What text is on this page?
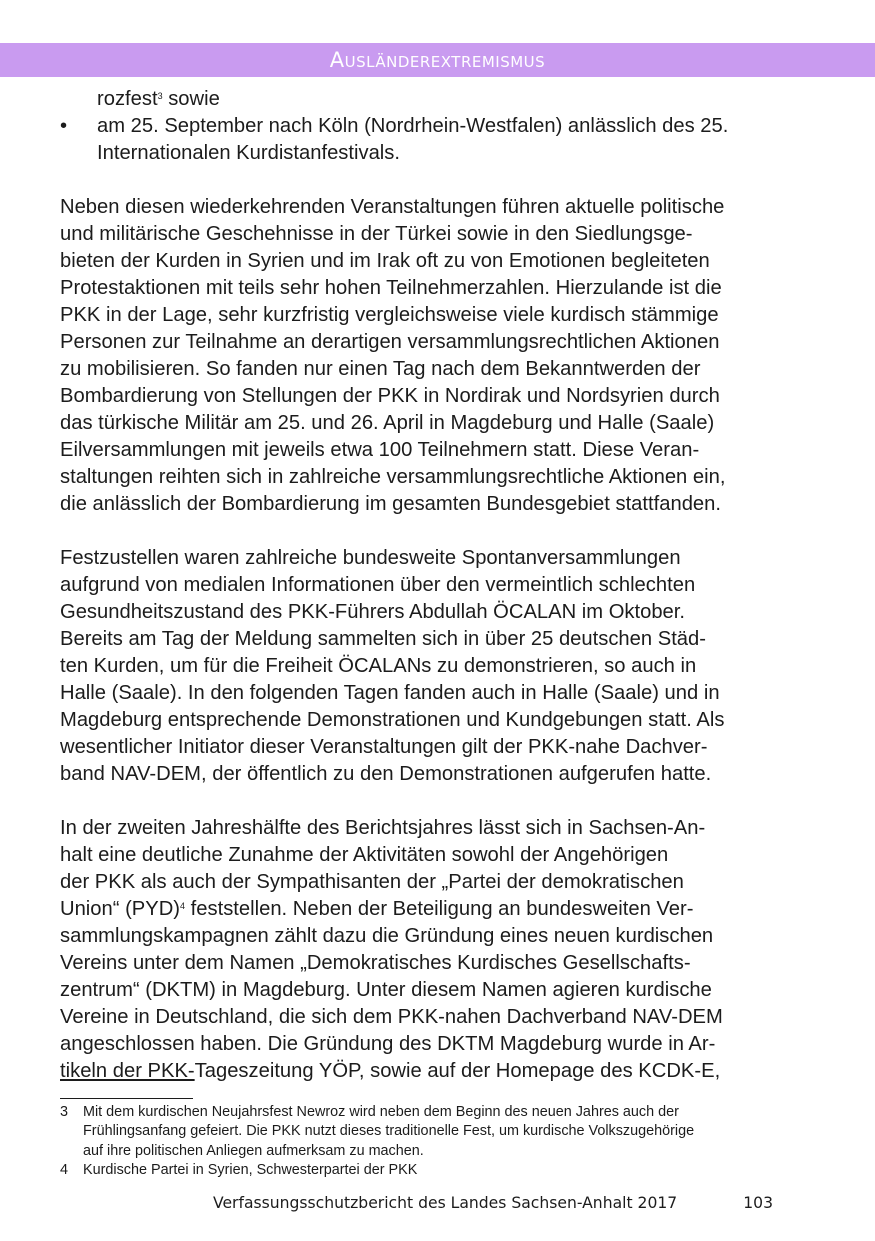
Ausländerextremismus
rozfest$^3$ sowie
•	am 25. September nach Köln (Nordrhein-Westfalen) anlässlich des 25.
Internationalen Kurdistanfestivals.

Neben diesen wiederkehrenden Veranstaltungen führen aktuelle politische
und militärische Geschehnisse in der Türkei sowie in den Siedlungsge-
bieten der Kurden in Syrien und im Irak oft zu von Emotionen begleiteten
Protestaktionen mit teils sehr hohen Teilnehmerzahlen. Hierzulande ist die
PKK in der Lage, sehr kurzfristig vergleichsweise viele kurdisch stämmige
Personen zur Teilnahme an derartigen versammlungsrechtlichen Aktionen
zu mobilisieren. So fanden nur einen Tag nach dem Bekanntwerden der
Bombardierung von Stellungen der PKK in Nordirak und Nordsyrien durch
das türkische Militär am 25. und 26. April in Magdeburg und Halle (Saale)
Eilversammlungen mit jeweils etwa 100 Teilnehmern statt. Diese Veran-
staltungen reihten sich in zahlreiche versammlungsrechtliche Aktionen ein,
die anlässlich der Bombardierung im gesamten Bundesgebiet stattfanden.

Festzustellen waren zahlreiche bundesweite Spontanversammlungen
aufgrund von medialen Informationen über den vermeintlich schlechten
Gesundheitszustand des PKK-Führers Abdullah ÖCALAN im Oktober.
Bereits am Tag der Meldung sammelten sich in über 25 deutschen Städ-
ten Kurden, um für die Freiheit ÖCALANs zu demonstrieren, so auch in
Halle (Saale). In den folgenden Tagen fanden auch in Halle (Saale) und in
Magdeburg entsprechende Demonstrationen und Kundgebungen statt. Als
wesentlicher Initiator dieser Veranstaltungen gilt der PKK-nahe Dachver-
band NAV-DEM, der öffentlich zu den Demonstrationen aufgerufen hatte.

In der zweiten Jahreshälfte des Berichtsjahres lässt sich in Sachsen-An-
halt eine deutliche Zunahme der Aktivitäten sowohl der Angehörigen
der PKK als auch der Sympathisanten der „Partei der demokratischen
Union“ (PYD)$^4$ feststellen. Neben der Beteiligung an bundesweiten Ver-
sammlungskampagnen zählt dazu die Gründung eines neuen kurdischen
Vereins unter dem Namen „Demokratisches Kurdisches Gesellschafts-
zentrum“ (DKTM) in Magdeburg. Unter diesem Namen agieren kurdische
Vereine in Deutschland, die sich dem PKK-nahen Dachverband NAV-DEM
angeschlossen haben. Die Gründung des DKTM Magdeburg wurde in Ar-
tikeln der PKK-Tageszeitung YÖP, sowie auf der Homepage des KCDK-E,

3	Mit dem kurdischen Neujahrsfest Newroz wird neben dem Beginn des neuen Jahres auch der
Frühlingsanfang gefeiert. Die PKK nutzt dieses traditionelle Fest, um kurdische Volkszugehörige
auf ihre politischen Anliegen aufmerksam zu machen.
4	Kurdische Partei in Syrien, Schwesterpartei der PKK
Verfassungsschutzbericht des Landes Sachsen-Anhalt 2017	103
